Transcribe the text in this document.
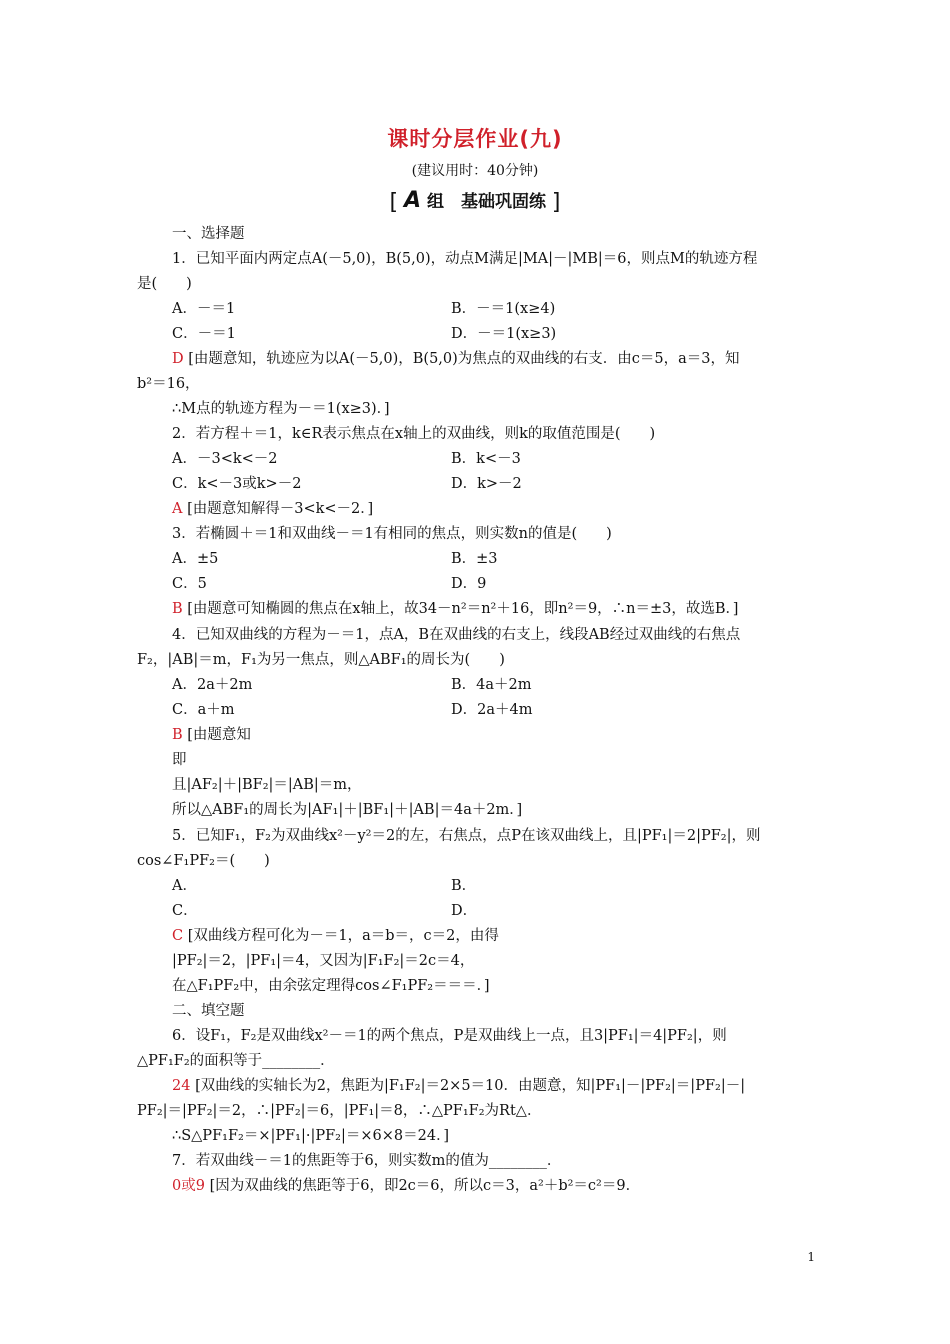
课时分层作业(九)
(建议用时：40分钟)
[ A 组　基础巩固练 ]
一、选择题
1．已知平面内两定点A(－5,0)，B(5,0)，动点M满足|MA|－|MB|＝6，则点M的轨迹方程
是(　　)
A．－＝1	B．－＝1(x≥4)
C．－＝1	D．－＝1(x≥3)
D [由题意知，轨迹应为以A(－5,0)，B(5,0)为焦点的双曲线的右支．由c＝5，a＝3，知
b²＝16，
∴M点的轨迹方程为－＝1(x≥3)．]
2．若方程＋＝1，k∈R表示焦点在x轴上的双曲线，则k的取值范围是(　　)
A．－3<k<－2	B．k<－3
C．k<－3或k>－2	D．k>－2
A [由题意知解得－3<k<－2．]
3．若椭圆＋＝1和双曲线－＝1有相同的焦点，则实数n的值是(　　)
A．±5	B．±3
C．5	D．9
B [由题意可知椭圆的焦点在x轴上，故34－n²＝n²＋16，即n²＝9，∴n＝±3，故选B．]
4．已知双曲线的方程为－＝1，点A，B在双曲线的右支上，线段AB经过双曲线的右焦点
F₂，|AB|＝m，F₁为另一焦点，则△ABF₁的周长为(　　)
A．2a＋2m	B．4a＋2m
C．a＋m	D．2a＋4m
B [由题意知
即
且|AF₂|＋|BF₂|＝|AB|＝m，
所以△ABF₁的周长为|AF₁|＋|BF₁|＋|AB|＝4a＋2m．]
5．已知F₁，F₂为双曲线x²－y²＝2的左，右焦点，点P在该双曲线上，且|PF₁|＝2|PF₂|，则
cos∠F₁PF₂＝(　　)
A．	B．
C．	D．
C [双曲线方程可化为－＝1，a＝b＝，c＝2，由得
|PF₂|＝2，|PF₁|＝4，又因为|F₁F₂|＝2c＝4，
在△F₁PF₂中，由余弦定理得cos∠F₁PF₂＝＝＝．]
二、填空题
6．设F₁，F₂是双曲线x²－＝1的两个焦点，P是双曲线上一点，且3|PF₁|＝4|PF₂|，则
△PF₁F₂的面积等于________．
24 [双曲线的实轴长为2，焦距为|F₁F₂|＝2×5＝10．由题意，知|PF₁|－|PF₂|＝|PF₂|－|
PF₂|＝|PF₂|＝2，∴|PF₂|＝6，|PF₁|＝8，∴△PF₁F₂为Rt△．
∴S△PF₁F₂＝×|PF₁|·|PF₂|＝×6×8＝24．]
7．若双曲线－＝1的焦距等于6，则实数m的值为________．
0或9 [因为双曲线的焦距等于6，即2c＝6，所以c＝3，a²＋b²＝c²＝9．
1
